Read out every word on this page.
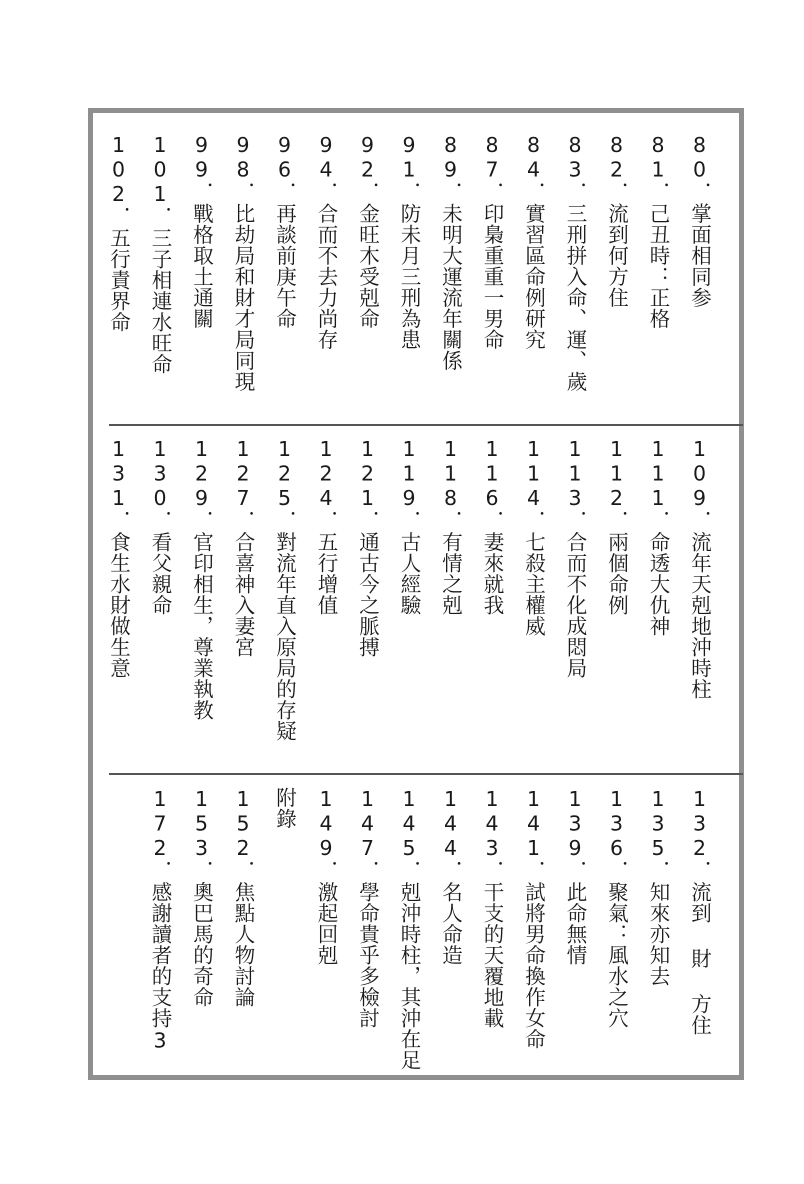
80．掌面相同参
81．己丑時：正格
82．流到何方住
83．三刑拼入命、運、歲
84．實習區命例研究
87．印梟重重一男命
89．未明大運流年關係
91．防未月三刑為患
92．金旺木受剋命
94．合而不去力尚存
96．再談前庚午命
98．比劫局和財才局同現
99．戰格取土通關
101．三子相連水旺命
102．五行責界命
109．流年天剋地沖時柱
111．命透大仇神
112．兩個命例
113．合而不化成悶局
114．七殺主權威
116．妻來就我
118．有情之剋
119．古人經驗
121．通古今之脈搏
124．五行增值
125．對流年直入原局的存疑
127．合喜神入妻宮
129．官印相生，尊業執教
130．看父親命
131．食生水財做生意
132．流到 財 方住
135．知來亦知去
136．聚氣：風水之穴
139．此命無情
141．試將男命換作女命
143．干支的天覆地載
144．名人命造
145．剋沖時柱，其沖在足
147．學命貴乎多檢討
149．激起回剋
附錄
152．焦點人物討論
153．奧巴馬的奇命
172．感謝讀者的支持3
